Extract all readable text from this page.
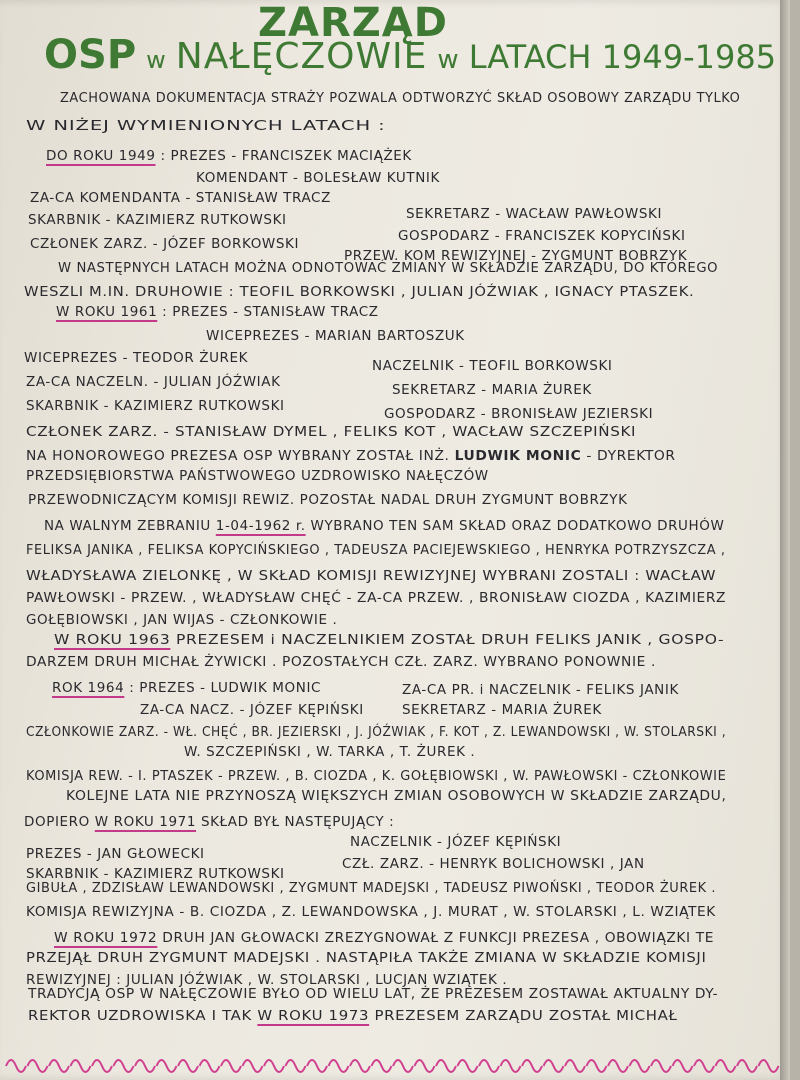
ZARZĄD
OSP w NAŁĘCZOWIE w LATACH 1949-1985
ZACHOWANA DOKUMENTACJA STRAŻY POZWALA ODTWORZYĆ SKŁAD OSOBOWY ZARZĄDU TYLKO
W NIŻEJ WYMIENIONYCH LATACH :
DO ROKU 1949 : PREZES - FRANCISZEK MACIĄŻEK
KOMENDANT - BOLESŁAW KUTNIK
ZA-CA KOMENDANTA - STANISŁAW TRACZ
SEKRETARZ - WACŁAW PAWŁOWSKI
SKARBNIK - KAZIMIERZ RUTKOWSKI
GOSPODARZ - FRANCISZEK KOPYCIŃSKI
CZŁONEK ZARZ. - JÓZEF BORKOWSKI
PRZEW. KOM REWIZYJNEJ - ZYGMUNT BOBRZYK
W NASTĘPNYCH LATACH MOŻNA ODNOTOWAĆ ZMIANY W SKŁADZIE ZARZĄDU, DO KTÓREGO
WESZLI M.IN. DRUHOWIE : TEOFIL BORKOWSKI , JULIAN JÓŹWIAK , IGNACY PTASZEK.
W ROKU 1961 : PREZES - STANISŁAW TRACZ
WICEPREZES - MARIAN BARTOSZUK
WICEPREZES - TEODOR ŻUREK	NACZELNIK - TEOFIL BORKOWSKI
ZA-CA NACZELN. - JULIAN JÓŹWIAK	SEKRETARZ - MARIA ŻUREK
SKARBNIK - KAZIMIERZ RUTKOWSKI	GOSPODARZ - BRONISŁAW JEZIERSKI
CZŁONEK ZARZ. - STANISŁAW DYMEL , FELIKS KOT , WACŁAW SZCZEPIŃSKI
NA HONOROWEGO PREZESA OSP WYBRANY ZOSTAŁ INŻ. LUDWIK MONIC - DYREKTOR
PRZEDSIĘBIORSTWA PAŃSTWOWEGO UZDROWISKO NAŁĘCZÓW
PRZEWODNICZĄCYM KOMISJI REWIZ. POZOSTAŁ NADAL DRUH ZYGMUNT BOBRZYK
NA WALNYM ZEBRANIU 1-04-1962 r. WYBRANO TEN SAM SKŁAD ORAZ DODATKOWO DRUHÓW
FELIKSA JANIKA , FELIKSA KOPYCIŃSKIEGO , TADEUSZA PACIEJEWSKIEGO , HENRYKA POTRZYSZCZA ,
WŁADYSŁAWA ZIELONKĘ , W SKŁAD KOMISJI REWIZYJNEJ WYBRANI ZOSTALI : WACŁAW
PAWŁOWSKI - PRZEW. , WŁADYSŁAW CHĘĆ - ZA-CA PRZEW. , BRONISŁAW CIOZDA , KAZIMIERZ
GOŁĘBIOWSKI , JAN WIJAS - CZŁONKOWIE .
W ROKU 1963 PREZESEM i NACZELNIKIEM ZOSTAŁ DRUH FELIKS JANIK , GOSPO-
DARZEM DRUH MICHAŁ ŻYWICKI . POZOSTAŁYCH CZŁ. ZARZ. WYBRANO PONOWNIE .
ROK 1964 : PREZES - LUDWIK MONIC	ZA-CA PR. i NACZELNIK - FELIKS JANIK
ZA-CA NACZ. - JÓZEF KĘPIŃSKI	SEKRETARZ - MARIA ŻUREK
CZŁONKOWIE ZARZ. - WŁ. CHĘĆ , BR. JEZIERSKI , J. JÓŹWIAK , F. KOT , Z. LEWANDOWSKI , W. STOLARSKI ,
W. SZCZEPIŃSKI , W. TARKA , T. ŻUREK .
KOMISJA REW. - I. PTASZEK - PRZEW. , B. CIOZDA , K. GOŁĘBIOWSKI , W. PAWŁOWSKI - CZŁONKOWIE
KOLEJNE LATA NIE PRZYNOSZĄ WIĘKSZYCH ZMIAN OSOBOWYCH W SKŁADZIE ZARZĄDU,
DOPIERO W ROKU 1971 SKŁAD BYŁ NASTĘPUJĄCY :
NACZELNIK - JÓZEF KĘPIŃSKI
PREZES - JAN GŁOWECKI
SKARBNIK - KAZIMIERZ RUTKOWSKI
CZŁ. ZARZ. - HENRYK BOLICHOWSKI , JAN
GIBUŁA , ZDZISŁAW LEWANDOWSKI , ZYGMUNT MADEJSKI , TADEUSZ PIWOŃSKI , TEODOR ŻUREK .
KOMISJA REWIZYJNA - B. CIOZDA , Z. LEWANDOWSKA , J. MURAT , W. STOLARSKI , L. WZIĄTEK
W ROKU 1972 DRUH JAN GŁOWACKI ZREZYGNOWAŁ Z FUNKCJI PREZESA , OBOWIĄZKI TE
PRZEJĄŁ DRUH ZYGMUNT MADEJSKI . NASTĄPIŁA TAKŻE ZMIANA W SKŁADZIE KOMISJI
REWIZYJNEJ : JULIAN JÓŹWIAK , W. STOLARSKI , LUCJAN WZIĄTEK .
TRADYCJĄ OSP W NAŁĘCZOWIE BYŁO OD WIELU LAT, ŻE PREZESEM ZOSTAWAŁ AKTUALNY DY-
REKTOR UZDROWISKA I TAK W ROKU 1973 PREZESEM ZARZĄDU ZOSTAŁ MICHAŁ
